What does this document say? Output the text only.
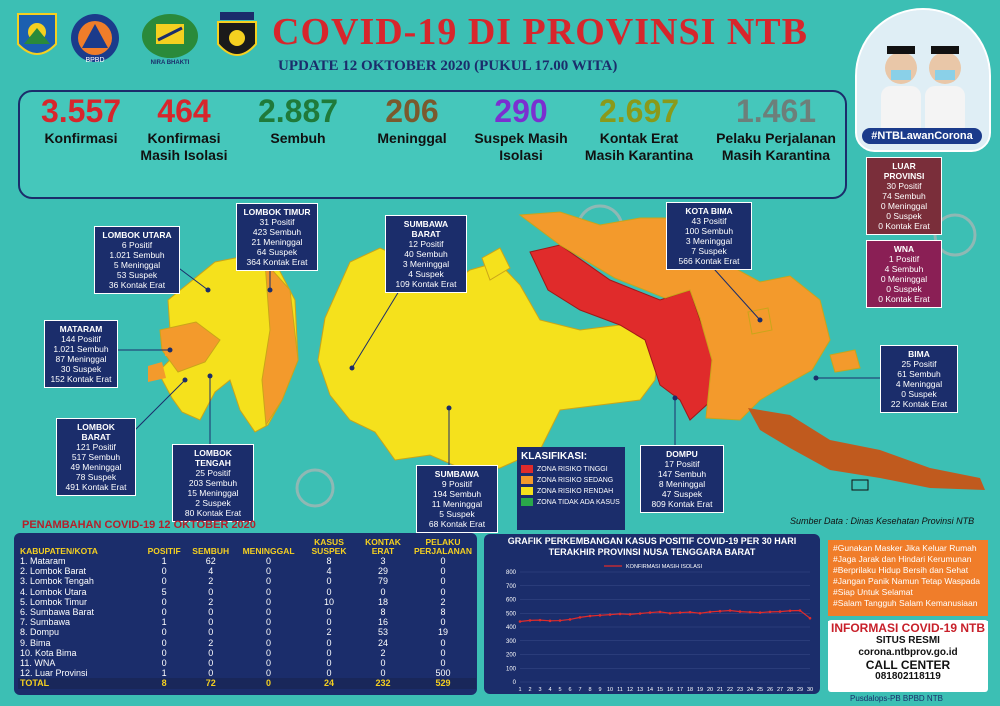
BPBD	NIRA BHAKTI
COVID-19 DI PROVINSI NTB
UPDATE 12 OKTOBER 2020 (PUKUL 17.00 WITA)
#NTBLawanCorona
3.557
Konfirmasi
464
Konfirmasi Masih Isolasi
2.887
Sembuh
206
Meninggal
290
Suspek Masih Isolasi
2.697
Kontak Erat Masih Karantina
1.461
Pelaku Perjalanan Masih Karantina
LOMBOK UTARA
6 Positif
1.021 Sembuh
5 Meninggal
53 Suspek
36 Kontak Erat
LOMBOK TIMUR
31 Positif
423 Sembuh
21 Meninggal
64 Suspek
364 Kontak Erat
SUMBAWA BARAT
12 Positif
40 Sembuh
3 Meninggal
4 Suspek
109 Kontak Erat
KOTA BIMA
43 Positif
100 Sembuh
3 Meninggal
7 Suspek
566 Kontak Erat
LUAR PROVINSI
30 Positif
74 Sembuh
0 Meninggal
0 Suspek
0 Kontak Erat
WNA
1 Positif
4 Sembuh
0 Meninggal
0 Suspek
0 Kontak Erat
MATARAM
144 Positif
1.021 Sembuh
87 Meninggal
30 Suspek
152 Kontak Erat
BIMA
25 Positif
61 Sembuh
4 Meninggal
0 Suspek
22 Kontak Erat
LOMBOK BARAT
121 Positif
517 Sembuh
49 Meninggal
78 Suspek
491 Kontak Erat
LOMBOK TENGAH
25 Positif
203 Sembuh
15 Meninggal
2 Suspek
80 Kontak Erat
SUMBAWA
9 Positif
194 Sembuh
11 Meninggal
5 Suspek
68 Kontak Erat
DOMPU
17 Positif
147 Sembuh
8 Meninggal
47 Suspek
809 Kontak Erat
KLASIFIKASI:
ZONA RISIKO TINGGI
ZONA RISIKO SEDANG
ZONA RISIKO RENDAH
ZONA TIDAK ADA KASUS
Sumber Data : Dinas Kesehatan Provinsi NTB
PENAMBAHAN COVID-19 12 OKTOBER 2020
KABUPATEN/KOTA	POSITIF	SEMBUH	MENINGGAL	KASUS SUSPEK	KONTAK ERAT	PELAKU PERJALANAN
1. Mataram	1	62	0	8	3	0
2. Lombok Barat	0	4	0	4	29	0
3. Lombok Tengah	0	2	0	0	79	0
4. Lombok Utara	5	0	0	0	0	0
5. Lombok Timur	0	2	0	10	18	2
6. Sumbawa Barat	0	0	0	0	8	8
7. Sumbawa	1	0	0	0	16	0
8. Dompu	0	0	0	2	53	19
9. Bima	0	2	0	0	24	0
10. Kota Bima	0	0	0	0	2	0
11. WNA	0	0	0	0	0	0
12. Luar Provinsi	1	0	0	0	0	500
TOTAL	8	72	0	24	232	529
GRAFIK PERKEMBANGAN KASUS POSITIF COVID-19 PER 30 HARI TERAKHIR PROVINSI NUSA TENGGARA BARAT
0
100
200
300
400
500
600
700
800
1 2 3 4 5 6 7 8 9 10 11 12 13 14 15 16 17 18 19 20 21 22 23 24 25 26 27 28 29 30
KONFIRMASI MASIH ISOLASI
#Gunakan Masker Jika Keluar Rumah
#Jaga Jarak dan Hindari Kerumunan
#Berprilaku Hidup Bersih dan Sehat
#Jangan Panik Namun Tetap Waspada
#Siap Untuk Selamat
#Salam Tangguh Salam Kemanusiaan
INFORMASI COVID-19 NTB
SITUS RESMI
corona.ntbprov.go.id
CALL CENTER
081802118119
Pusdalops-PB BPBD NTB
